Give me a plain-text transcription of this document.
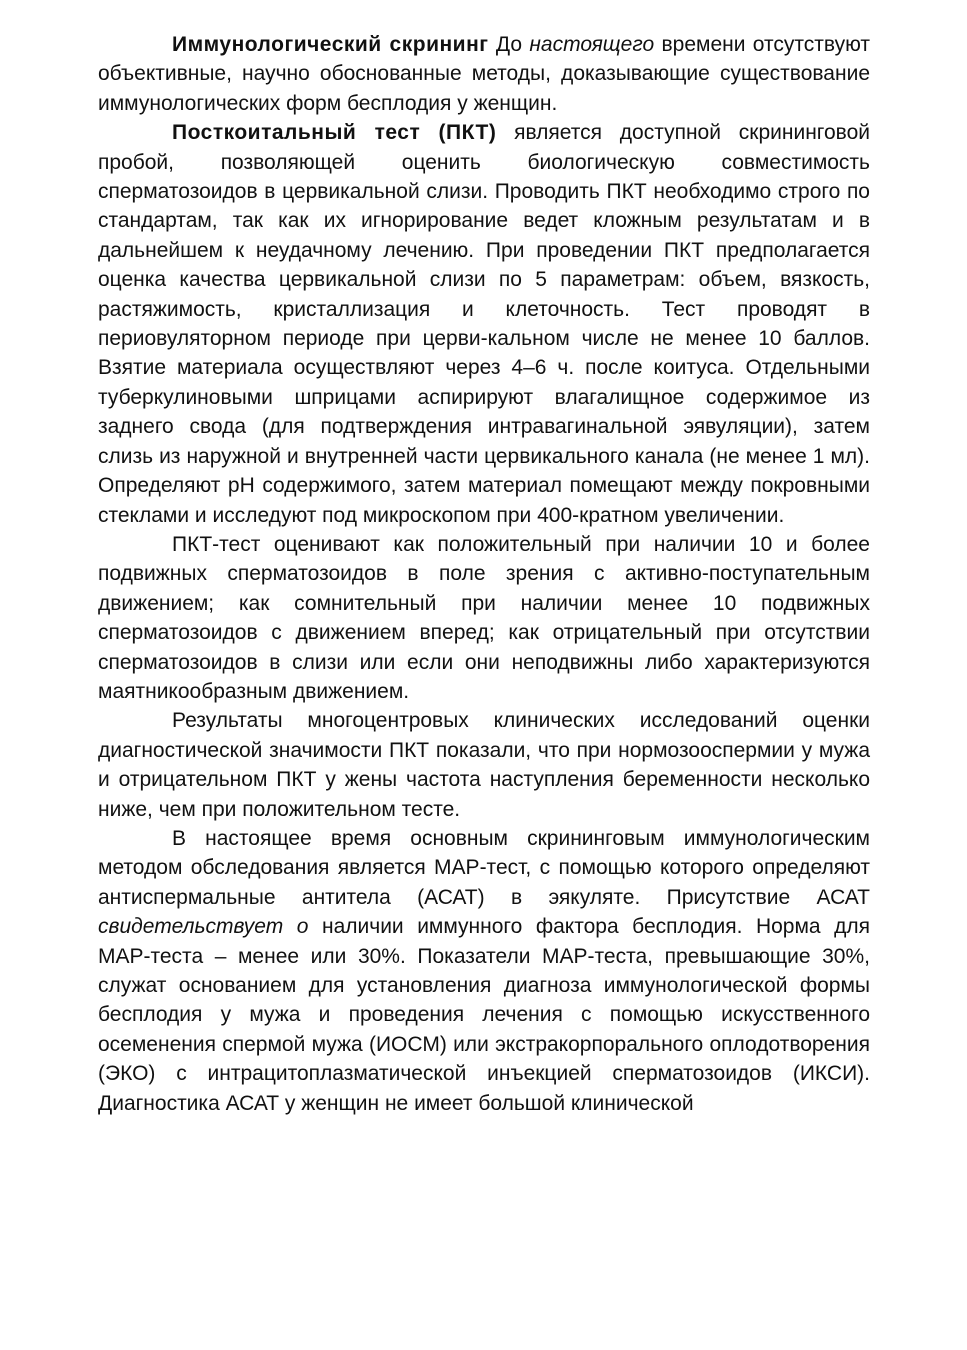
Иммунологический скрининг До настоящего времени отсутствуют объективные, научно обоснованные методы, доказывающие существование иммунологических форм бесплодия у женщин.

Посткоитальный тест (ПКТ) является доступной скрининговой пробой, позволяющей оценить биологическую совместимость сперматозоидов в цервикальной слизи. Проводить ПКТ необходимо строго по стандартам, так как их игнорирование ведет кложным результатам и в дальнейшем к неудачному лечению. При проведении ПКТ предполагается оценка качества цервикальной слизи по 5 параметрам: объем, вязкость, растяжимость, кристаллизация и клеточность. Тест проводят в периовуляторном периоде при церви-кальном числе не менее 10 баллов. Взятие материала осуществляют через 4–6 ч. после коитуса. Отдельными туберкулиновыми шприцами аспирируют влагалищное содержимое из заднего свода (для подтверждения интравагинальной эявуляции), затем слизь из наружной и внутренней части цервикального канала (не менее 1 мл). Определяют pH содержимого, затем материал помещают между покровными стеклами и исследуют под микроскопом при 400-кратном увеличении.

ПКТ-тест оценивают как положительный при наличии 10 и более подвижных сперматозоидов в поле зрения с активно-поступательным движением; как сомнительный при наличии менее 10 подвижных сперматозоидов с движением вперед; как отрицательный при отсутствии сперматозоидов в слизи или если они неподвижны либо характеризуются маятникообразным движением.

Результаты многоцентровых клинических исследований оценки диагностической значимости ПКТ показали, что при нормозооспермии у мужа и отрицательном ПКТ у жены частота наступления беременности несколько ниже, чем при положительном тесте.

В настоящее время основным скрининговым иммунологическим методом обследования является MAP-тест, с помощью которого определяют антиспермальные антитела (АСАТ) в эякуляте. Присутствие АСАТ свидетельствует о наличии иммунного фактора бесплодия. Норма для MAP-теста – менее или 30%. Показатели MAP-теста, превышающие 30%, служат основанием для установления диагноза иммунологической формы бесплодия у мужа и проведения лечения с помощью искусственного осеменения спермой мужа (ИОСМ) или экстракорпорального оплодотворения (ЭКО) с интрацитоплазматической инъекцией сперматозоидов (ИКСИ). Диагностика АСАТ у женщин не имеет большой клинической
